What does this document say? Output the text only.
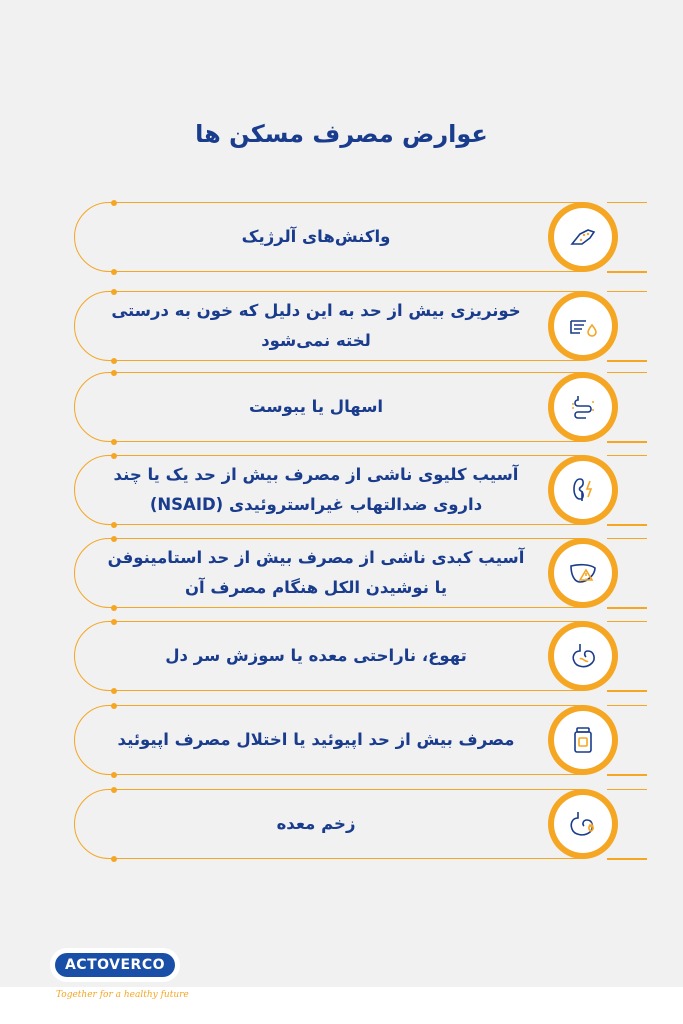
عوارض مصرف مسکن ها
واکنش‌های آلرژیک
خونریزی بیش از حد به این دلیل که خون به درستی لخته نمی‌شود
اسهال یا یبوست
آسیب کلیوی ناشی از مصرف بیش از حد یک یا چند داروی ضدالتهاب غیراستروئیدی (NSAID)
آسیب کبدی ناشی از مصرف بیش از حد استامینوفن یا نوشیدن الکل هنگام مصرف آن
تهوع، ناراحتی معده یا سوزش سر دل
مصرف بیش از حد اپیوئید یا اختلال مصرف اپیوئید
زخم معده
ACTOVERCO
Together for a healthy future
